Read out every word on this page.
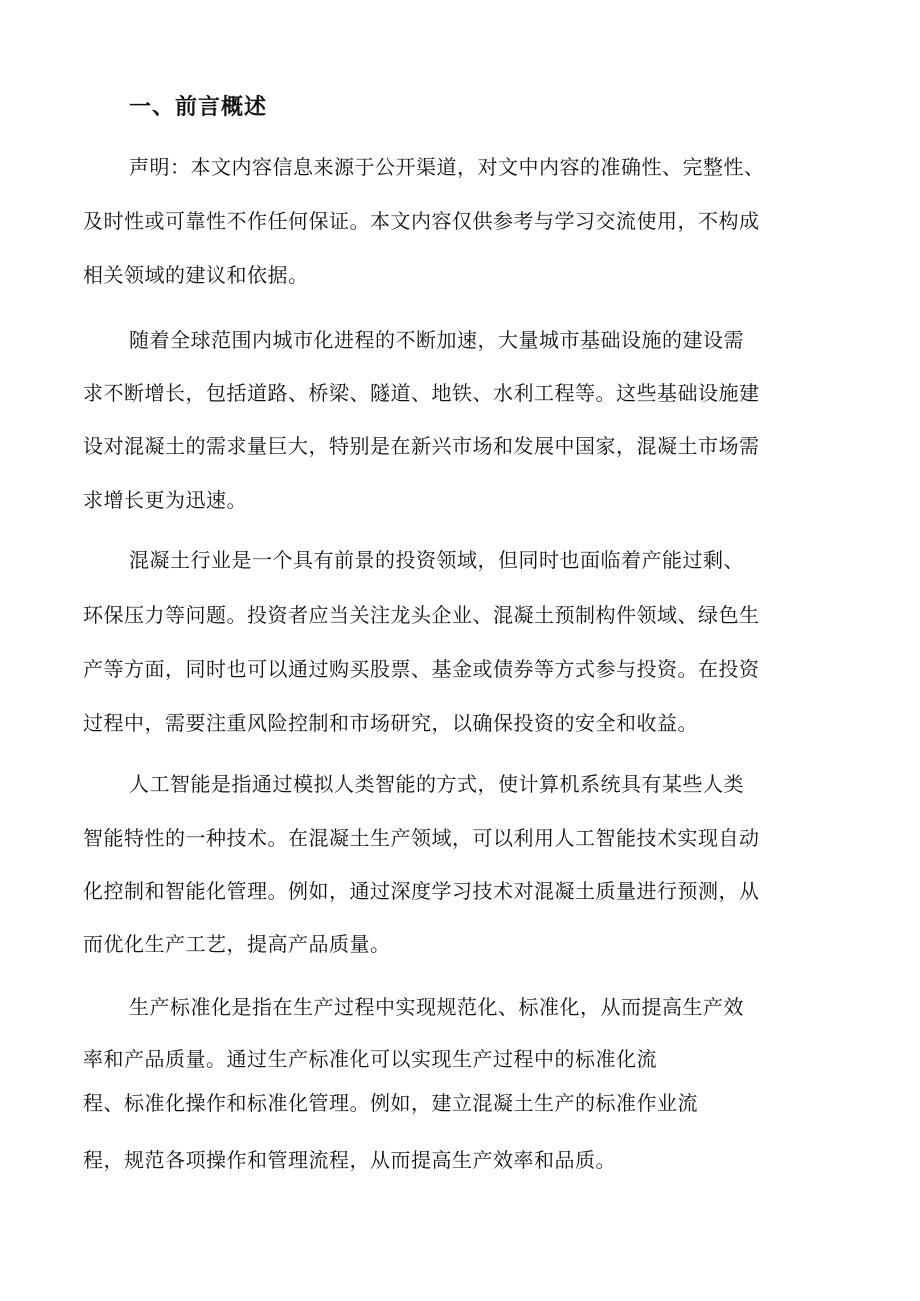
一、前言概述

声明：本文内容信息来源于公开渠道，对文中内容的准确性、完整性、

及时性或可靠性不作任何保证。本文内容仅供参考与学习交流使用，不构成

相关领域的建议和依据。

随着全球范围内城市化进程的不断加速，大量城市基础设施的建设需

求不断增长，包括道路、桥梁、隧道、地铁、水利工程等。这些基础设施建

设对混凝土的需求量巨大，特别是在新兴市场和发展中国家，混凝土市场需

求增长更为迅速。

混凝土行业是一个具有前景的投资领域，但同时也面临着产能过剩、

环保压力等问题。投资者应当关注龙头企业、混凝土预制构件领域、绿色生

产等方面，同时也可以通过购买股票、基金或债券等方式参与投资。在投资

过程中，需要注重风险控制和市场研究，以确保投资的安全和收益。

人工智能是指通过模拟人类智能的方式，使计算机系统具有某些人类

智能特性的一种技术。在混凝土生产领域，可以利用人工智能技术实现自动

化控制和智能化管理。例如，通过深度学习技术对混凝土质量进行预测，从

而优化生产工艺，提高产品质量。

生产标准化是指在生产过程中实现规范化、标准化，从而提高生产效

率和产品质量。通过生产标准化可以实现生产过程中的标准化流

程、标准化操作和标准化管理。例如，建立混凝土生产的标准作业流

程，规范各项操作和管理流程，从而提高生产效率和品质。
